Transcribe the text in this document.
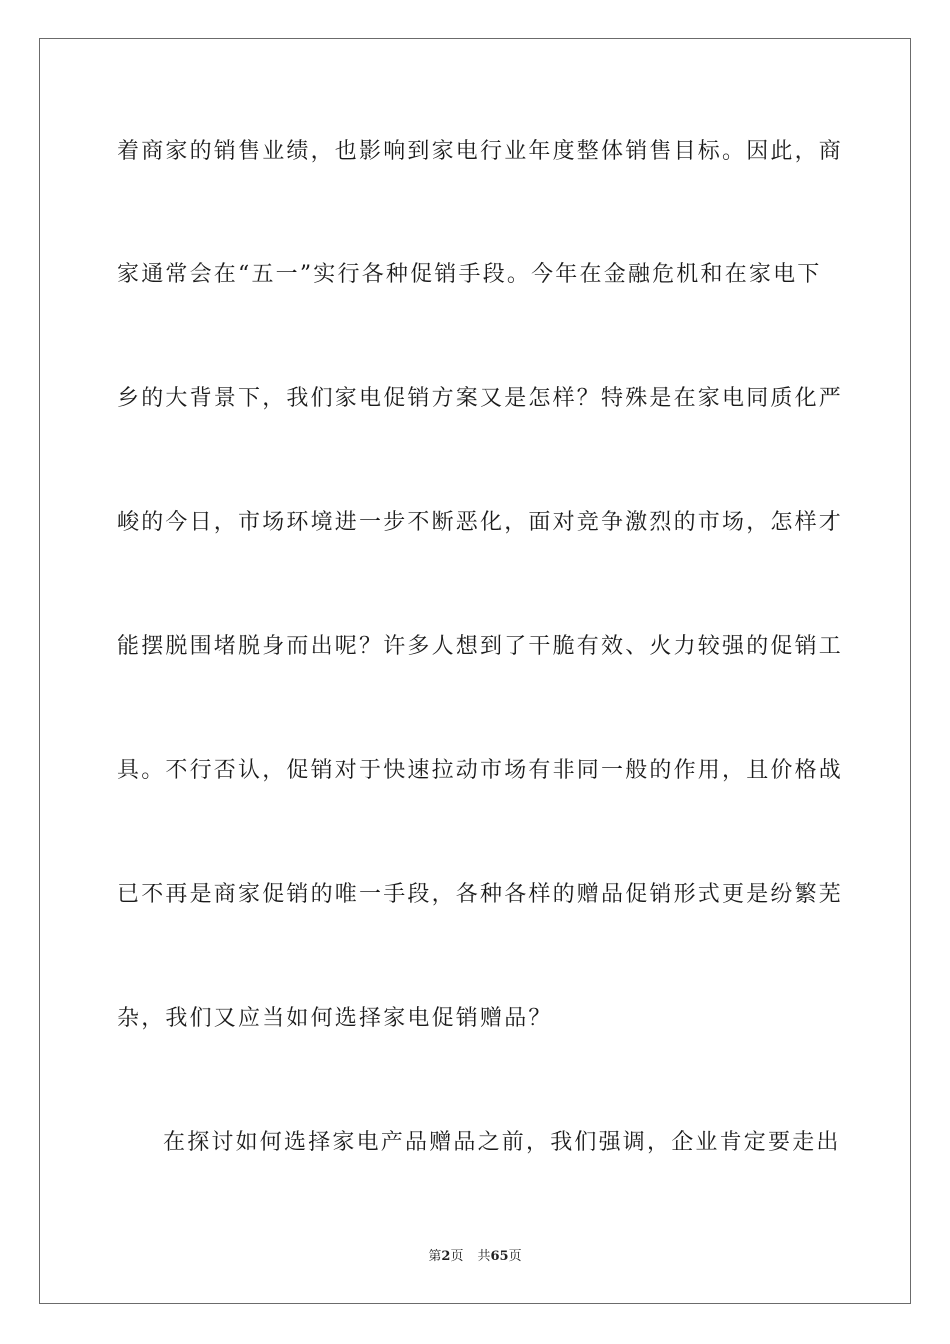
着商家的销售业绩，也影响到家电行业年度整体销售目标。因此，商
家通常会在“五一”实行各种促销手段。今年在金融危机和在家电下
乡的大背景下，我们家电促销方案又是怎样？特殊是在家电同质化严
峻的今日，市场环境进一步不断恶化，面对竞争激烈的市场，怎样才
能摆脱围堵脱身而出呢？许多人想到了干脆有效、火力较强的促销工
具。不行否认，促销对于快速拉动市场有非同一般的作用，且价格战
已不再是商家促销的唯一手段，各种各样的赠品促销形式更是纷繁芜
杂，我们又应当如何选择家电促销赠品？
在探讨如何选择家电产品赠品之前，我们强调，企业肯定要走出
第2页 共65页
